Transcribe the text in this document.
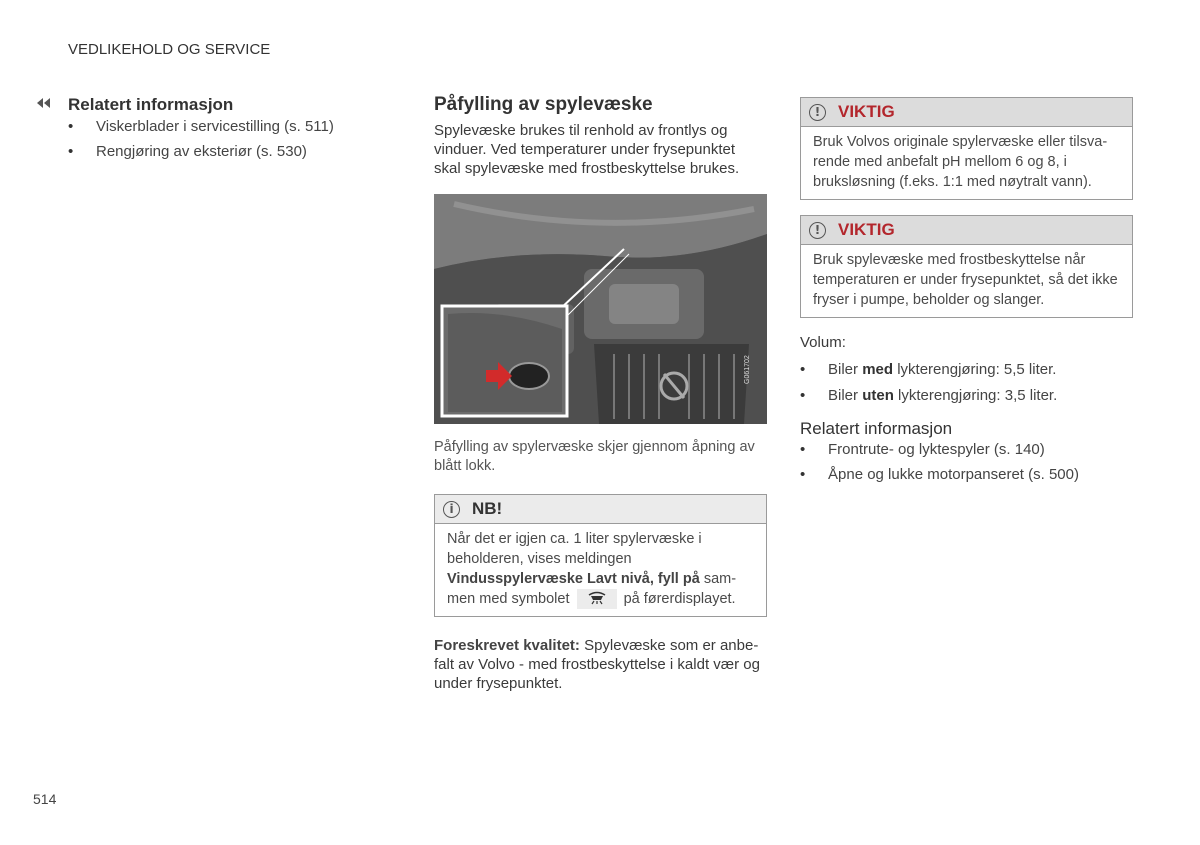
VEDLIKEHOLD OG SERVICE
Relatert informasjon
• Viskerblader i servicestilling (s. 511)
• Rengjøring av eksteriør (s. 530)
Påfylling av spylevæske
Spylevæske brukes til renhold av frontlys og vinduer. Ved temperaturer under frysepunktet skal spylevæske med frostbeskyttelse brukes.
G061702
Påfylling av spylervæske skjer gjennom åpning av blått lokk.
i	NB!
Når det er igjen ca. 1 liter spylervæske i beholderen, vises meldingen
Vindusspylervæske Lavt nivå, fyll på sam-
men med symbolet	på førerdisplayet.
Foreskrevet kvalitet: Spylevæske som er anbe- falt av Volvo - med frostbeskyttelse i kaldt vær og under frysepunktet.
!	VIKTIG
Bruk Volvos originale spylervæske eller tilsva- rende med anbefalt pH mellom 6 og 8, i bruksløsning (f.eks. 1:1 med nøytralt vann).
!	VIKTIG
Bruk spylevæske med frostbeskyttelse når temperaturen er under frysepunktet, så det ikke fryser i pumpe, beholder og slanger.
Volum:
• Biler med lykterengjøring: 5,5 liter.
• Biler uten lykterengjøring: 3,5 liter.
Relatert informasjon
• Frontrute- og lyktespyler (s. 140)
• Åpne og lukke motorpanseret (s. 500)
514
